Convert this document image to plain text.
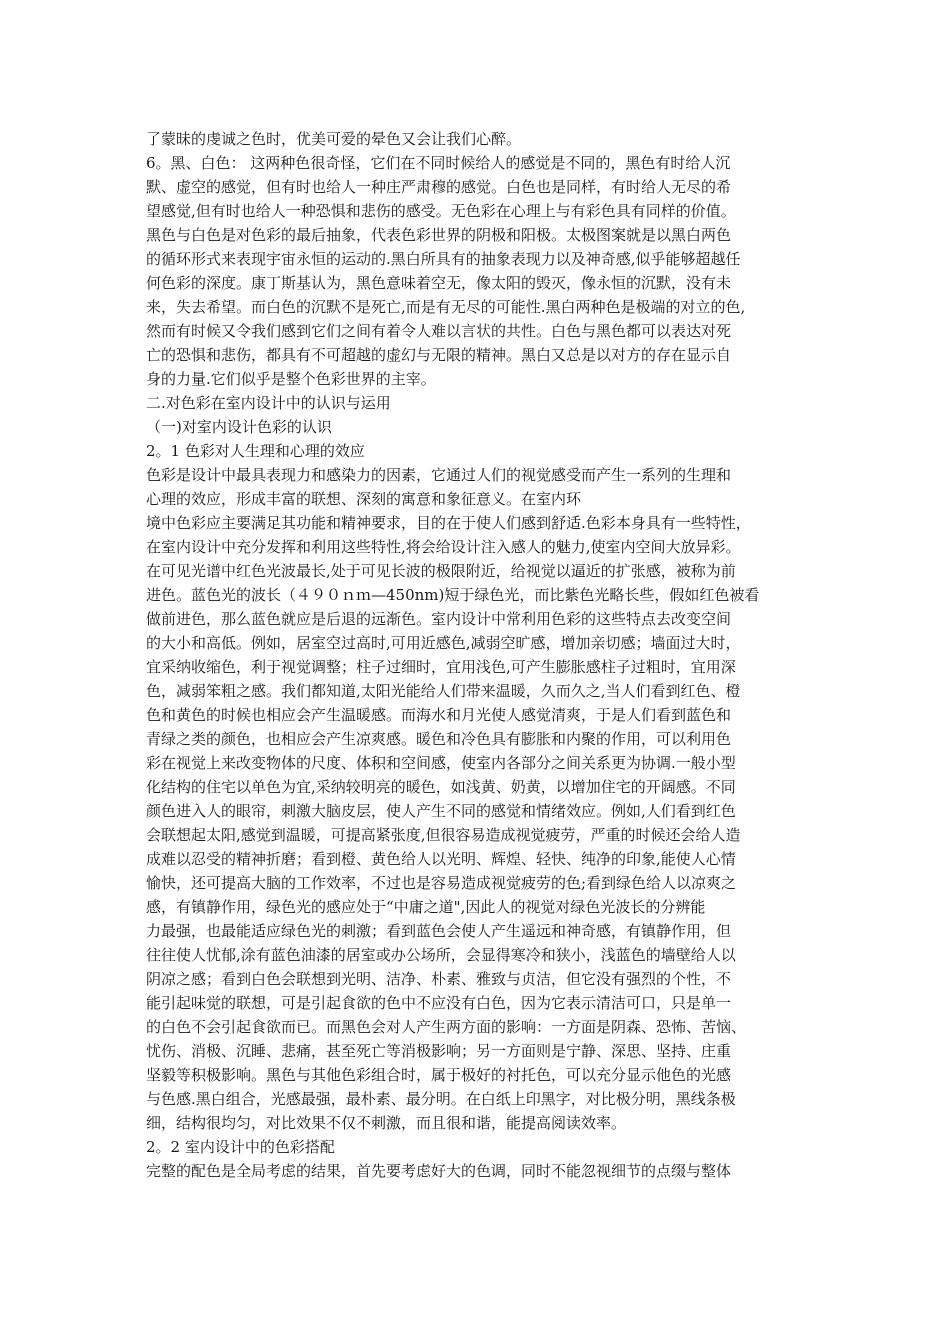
了蒙昧的虔诚之色时，优美可爱的晕色又会让我们心醉。
6。黑、白色： 这两种色很奇怪，它们在不同时候给人的感觉是不同的，黑色有时给人沉
默、虚空的感觉，但有时也给人一种庄严肃穆的感觉。白色也是同样，有时给人无尽的希
望感觉,但有时也给人一种恐惧和悲伤的感受。无色彩在心理上与有彩色具有同样的价值。
黑色与白色是对色彩的最后抽象，代表色彩世界的阴极和阳极。太极图案就是以黑白两色
的循环形式来表现宇宙永恒的运动的.黑白所具有的抽象表现力以及神奇感,似乎能够超越任
何色彩的深度。康丁斯基认为，黑色意味着空无，像太阳的毁灭，像永恒的沉默，没有未
来，失去希望。而白色的沉默不是死亡,而是有无尽的可能性.黑白两种色是极端的对立的色,
然而有时候又令我们感到它们之间有着令人难以言状的共性。白色与黑色都可以表达对死
亡的恐惧和悲伤，都具有不可超越的虚幻与无限的精神。黑白又总是以对方的存在显示自
身的力量.它们似乎是整个色彩世界的主宰。
二.对色彩在室内设计中的认识与运用
（一)对室内设计色彩的认识
2。1 色彩对人生理和心理的效应
色彩是设计中最具表现力和感染力的因素，它通过人们的视觉感受而产生一系列的生理和
心理的效应，形成丰富的联想、深刻的寓意和象征意义。在室内环
境中色彩应主要满足其功能和精神要求，目的在于使人们感到舒适.色彩本身具有一些特性，
在室内设计中充分发挥和利用这些特性,将会给设计注入感人的魅力,使室内空间大放异彩。
在可见光谱中红色光波最长,处于可见长波的极限附近，给视觉以逼近的扩张感，被称为前
进色。蓝色光的波长（４９０ｎｍ—450nm)短于绿色光，而比紫色光略长些，假如红色被看
做前进色，那么蓝色就应是后退的远渐色。室内设计中常利用色彩的这些特点去改变空间
的大小和高低。例如，居室空过高时,可用近感色,减弱空旷感，增加亲切感；墙面过大时，
宜采纳收缩色，利于视觉调整；柱子过细时，宜用浅色,可产生膨胀感柱子过粗时，宜用深
色，减弱笨粗之感。我们都知道,太阳光能给人们带来温暖，久而久之,当人们看到红色、橙
色和黄色的时候也相应会产生温暖感。而海水和月光使人感觉清爽，于是人们看到蓝色和
青绿之类的颜色，也相应会产生凉爽感。暖色和冷色具有膨胀和内聚的作用，可以利用色
彩在视觉上来改变物体的尺度、体积和空间感，使室内各部分之间关系更为协调.一般小型
化结构的住宅以单色为宜,采纳较明亮的暖色，如浅黄、奶黄，以增加住宅的开阔感。不同
颜色进入人的眼帘，刺激大脑皮层，使人产生不同的感觉和情绪效应。例如,人们看到红色
会联想起太阳,感觉到温暖，可提高紧张度,但很容易造成视觉疲劳，严重的时候还会给人造
成难以忍受的精神折磨；看到橙、黄色给人以光明、辉煌、轻快、纯净的印象,能使人心情
愉快，还可提高大脑的工作效率，不过也是容易造成视觉疲劳的色;看到绿色给人以凉爽之
感，有镇静作用，绿色光的感应处于“中庸之道",因此人的视觉对绿色光波长的分辨能
力最强，也最能适应绿色光的刺激；看到蓝色会使人产生遥远和神奇感，有镇静作用，但
往往使人忧郁,涂有蓝色油漆的居室或办公场所，会显得寒冷和狭小，浅蓝色的墙壁给人以
阴凉之感；看到白色会联想到光明、洁净、朴素、雅致与贞洁，但它没有强烈的个性，不
能引起味觉的联想，可是引起食欲的色中不应没有白色，因为它表示清洁可口，只是单一
的白色不会引起食欲而已。而黑色会对人产生两方面的影响：一方面是阴森、恐怖、苦恼、
忧伤、消极、沉睡、悲痛，甚至死亡等消极影响；另一方面则是宁静、深思、坚持、庄重
坚毅等积极影响。黑色与其他色彩组合时，属于极好的衬托色，可以充分显示他色的光感
与色感.黑白组合，光感最强，最朴素、最分明。在白纸上印黑字，对比极分明，黑线条极
细，结构很均匀，对比效果不仅不刺激，而且很和谐，能提高阅读效率。
2。2 室内设计中的色彩搭配
完整的配色是全局考虑的结果，首先要考虑好大的色调，同时不能忽视细节的点缀与整体
